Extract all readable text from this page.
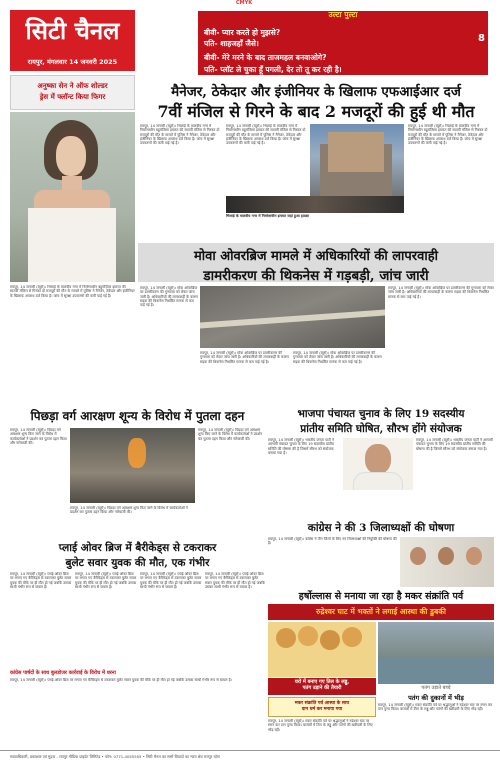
CMYK
सिटी चैनल
रायपुर, मंगलवार 14 जनवरी 2025
उल्टा पुल्टा
बीवी- प्यार करते हो मुझसे?
पति- शाहजहाँ जैसे।
बीवी- मेरे मरने के बाद ताजमहल बनवाओगे?
पति- प्लॉट ले चुका हूँ पगली, देर तो तू कर रही है।
8
अनुष्का सेन ने ऑफ शोल्डर
ड्रेस में फ्लॉन्ट किया फिगर
रायपुर, 14 जनवरी (ब्यूरो)। भिलाई के मालवीय नगर में निर्माणाधीन बहुमंजिला इमारत की सातवीं मंजिल से गिरकर दो मजदूरों की मौत के मामले में पुलिस ने मैनेजर, ठेकेदार और इंजीनियर के खिलाफ अपराध दर्ज किया है। जांच में सुरक्षा उपकरणों की कमी पाई गई है।
मैनेजर, ठेकेदार और इंजीनियर के खिलाफ एफआईआर दर्ज
7वीं मंजिल से गिरने के बाद 2 मजदूरों की हुई थी मौत
रायपुर, 14 जनवरी (ब्यूरो)। भिलाई के मालवीय नगर में निर्माणाधीन बहुमंजिला इमारत की सातवीं मंजिल से गिरकर दो मजदूरों की मौत के मामले में पुलिस ने मैनेजर, ठेकेदार और इंजीनियर के खिलाफ अपराध दर्ज किया है। जांच में सुरक्षा उपकरणों की कमी पाई गई है।
रायपुर, 14 जनवरी (ब्यूरो)। भिलाई के मालवीय नगर में निर्माणाधीन बहुमंजिला इमारत की सातवीं मंजिल से गिरकर दो मजदूरों की मौत के मामले में पुलिस ने मैनेजर, ठेकेदार और इंजीनियर के खिलाफ अपराध दर्ज किया है। जांच में सुरक्षा उपकरणों की कमी पाई गई है।
रायपुर, 14 जनवरी (ब्यूरो)। भिलाई के मालवीय नगर में निर्माणाधीन बहुमंजिला इमारत की सातवीं मंजिल से गिरकर दो मजदूरों की मौत के मामले में पुलिस ने मैनेजर, ठेकेदार और इंजीनियर के खिलाफ अपराध दर्ज किया है। जांच में सुरक्षा उपकरणों की कमी पाई गई है।
भिलाई के मालवीय नगर में निर्माणाधीन इमारत जहां हुआ हादसा
मोवा ओवरब्रिज मामले में अधिकारियों की लापरवाही
डामरीकरण की थिकनेस में गड़बड़ी, जांच जारी
रायपुर, 14 जनवरी (ब्यूरो)। मोवा ओवरब्रिज पर डामरीकरण की गुणवत्ता को लेकर जांच जारी है। अधिकारियों की लापरवाही के कारण सड़क की थिकनेस निर्धारित मानक से कम पाई गई है।
रायपुर, 14 जनवरी (ब्यूरो)। मोवा ओवरब्रिज पर डामरीकरण की गुणवत्ता को लेकर जांच जारी है। अधिकारियों की लापरवाही के कारण सड़क की थिकनेस निर्धारित मानक से कम पाई गई है।
रायपुर, 14 जनवरी (ब्यूरो)। मोवा ओवरब्रिज पर डामरीकरण की गुणवत्ता को लेकर जांच जारी है। अधिकारियों की लापरवाही के कारण सड़क की थिकनेस निर्धारित मानक से कम पाई गई है।
रायपुर, 14 जनवरी (ब्यूरो)। मोवा ओवरब्रिज पर डामरीकरण की गुणवत्ता को लेकर जांच जारी है। अधिकारियों की लापरवाही के कारण सड़क की थिकनेस निर्धारित मानक से कम पाई गई है।
पिछड़ा वर्ग आरक्षण शून्य के विरोध में पुतला दहन
रायपुर, 14 जनवरी (ब्यूरो)। पिछड़ा वर्ग आरक्षण शून्य किए जाने के विरोध में कार्यकर्ताओं ने प्रदर्शन कर पुतला दहन किया और नारेबाजी की।
रायपुर, 14 जनवरी (ब्यूरो)। पिछड़ा वर्ग आरक्षण शून्य किए जाने के विरोध में कार्यकर्ताओं ने प्रदर्शन कर पुतला दहन किया और नारेबाजी की।
रायपुर, 14 जनवरी (ब्यूरो)। पिछड़ा वर्ग आरक्षण शून्य किए जाने के विरोध में कार्यकर्ताओं ने प्रदर्शन कर पुतला दहन किया और नारेबाजी की।
भाजपा पंचायत चुनाव के लिए 19 सदस्यीय
प्रांतीय समिति घोषित, सौरभ होंगे संयोजक
रायपुर, 14 जनवरी (ब्यूरो)। भारतीय जनता पार्टी ने आगामी पंचायत चुनाव के लिए 19 सदस्यीय प्रांतीय समिति की घोषणा की है जिसमें सौरभ को संयोजक बनाया गया है।
रायपुर, 14 जनवरी (ब्यूरो)। भारतीय जनता पार्टी ने आगामी पंचायत चुनाव के लिए 19 सदस्यीय प्रांतीय समिति की घोषणा की है जिसमें सौरभ को संयोजक बनाया गया है।
कांग्रेस ने की 3 जिलाध्यक्षों की घोषणा
रायपुर, 14 जनवरी (ब्यूरो)। कांग्रेस ने तीन जिलों के लिए नए जिलाध्यक्षों की नियुक्ति की घोषणा की है।
प्लाई ओवर ब्रिज में बैरीकेड्स से टकराकर
बुलेट सवार युवक की मौत, एक गंभीर
रायपुर, 14 जनवरी (ब्यूरो)। प्लाई ओवर ब्रिज पर लगाए गए बैरीकेड्स से टकराकर बुलेट सवार युवक की मौके पर ही मौत हो गई जबकि उसका साथी गंभीर रूप से घायल है।
रायपुर, 14 जनवरी (ब्यूरो)। प्लाई ओवर ब्रिज पर लगाए गए बैरीकेड्स से टकराकर बुलेट सवार युवक की मौके पर ही मौत हो गई जबकि उसका साथी गंभीर रूप से घायल है।
रायपुर, 14 जनवरी (ब्यूरो)। प्लाई ओवर ब्रिज पर लगाए गए बैरीकेड्स से टकराकर बुलेट सवार युवक की मौके पर ही मौत हो गई जबकि उसका साथी गंभीर रूप से घायल है।
रायपुर, 14 जनवरी (ब्यूरो)। प्लाई ओवर ब्रिज पर लगाए गए बैरीकेड्स से टकराकर बुलेट सवार युवक की मौके पर ही मौत हो गई जबकि उसका साथी गंभीर रूप से घायल है।
कांग्रेस पार्षदों के साथ बुलडोजर कार्रवाई के विरोध में धरना
रायपुर, 14 जनवरी (ब्यूरो)। प्लाई ओवर ब्रिज पर लगाए गए बैरीकेड्स से टकराकर बुलेट सवार युवक की मौके पर ही मौत हो गई जबकि उसका साथी गंभीर रूप से घायल है।
हर्षोल्लास से मनाया जा रहा है मकर संक्रांति पर्व
रुद्रेश्वर घाट में भक्तों ने लगाई आस्था की डुबकी
घरों में बनाए गए तिल के लड्डू,
पतंग उड़ाने की तैयारी
मकर संक्रांति पर्व आस्था के साथ
दान धर्म कर मनाया गया
पतंग उड़ाते बच्चे
पतंग की दुकानों में भीड़
रायपुर, 14 जनवरी (ब्यूरो)। मकर संक्रांति पर्व पर श्रद्धालुओं ने रुद्रेश्वर घाट पर स्नान कर दान पुण्य किया। बाजारों में तिल के लड्डू और पतंगों की खरीदारी के लिए भीड़ रही।
रायपुर, 14 जनवरी (ब्यूरो)। मकर संक्रांति पर्व पर श्रद्धालुओं ने रुद्रेश्वर घाट पर स्नान कर दान पुण्य किया। बाजारों में तिल के लड्डू और पतंगों की खरीदारी के लिए भीड़ रही।
स्वत्वाधिकारी, प्रकाशक एवं मुद्रक - रायपुर मीडिया प्राइवेट लिमिटेड • फोन: 0771-4055555 • सिटी चैनल का सभी विवादों का न्याय क्षेत्र रायपुर रहेगा
